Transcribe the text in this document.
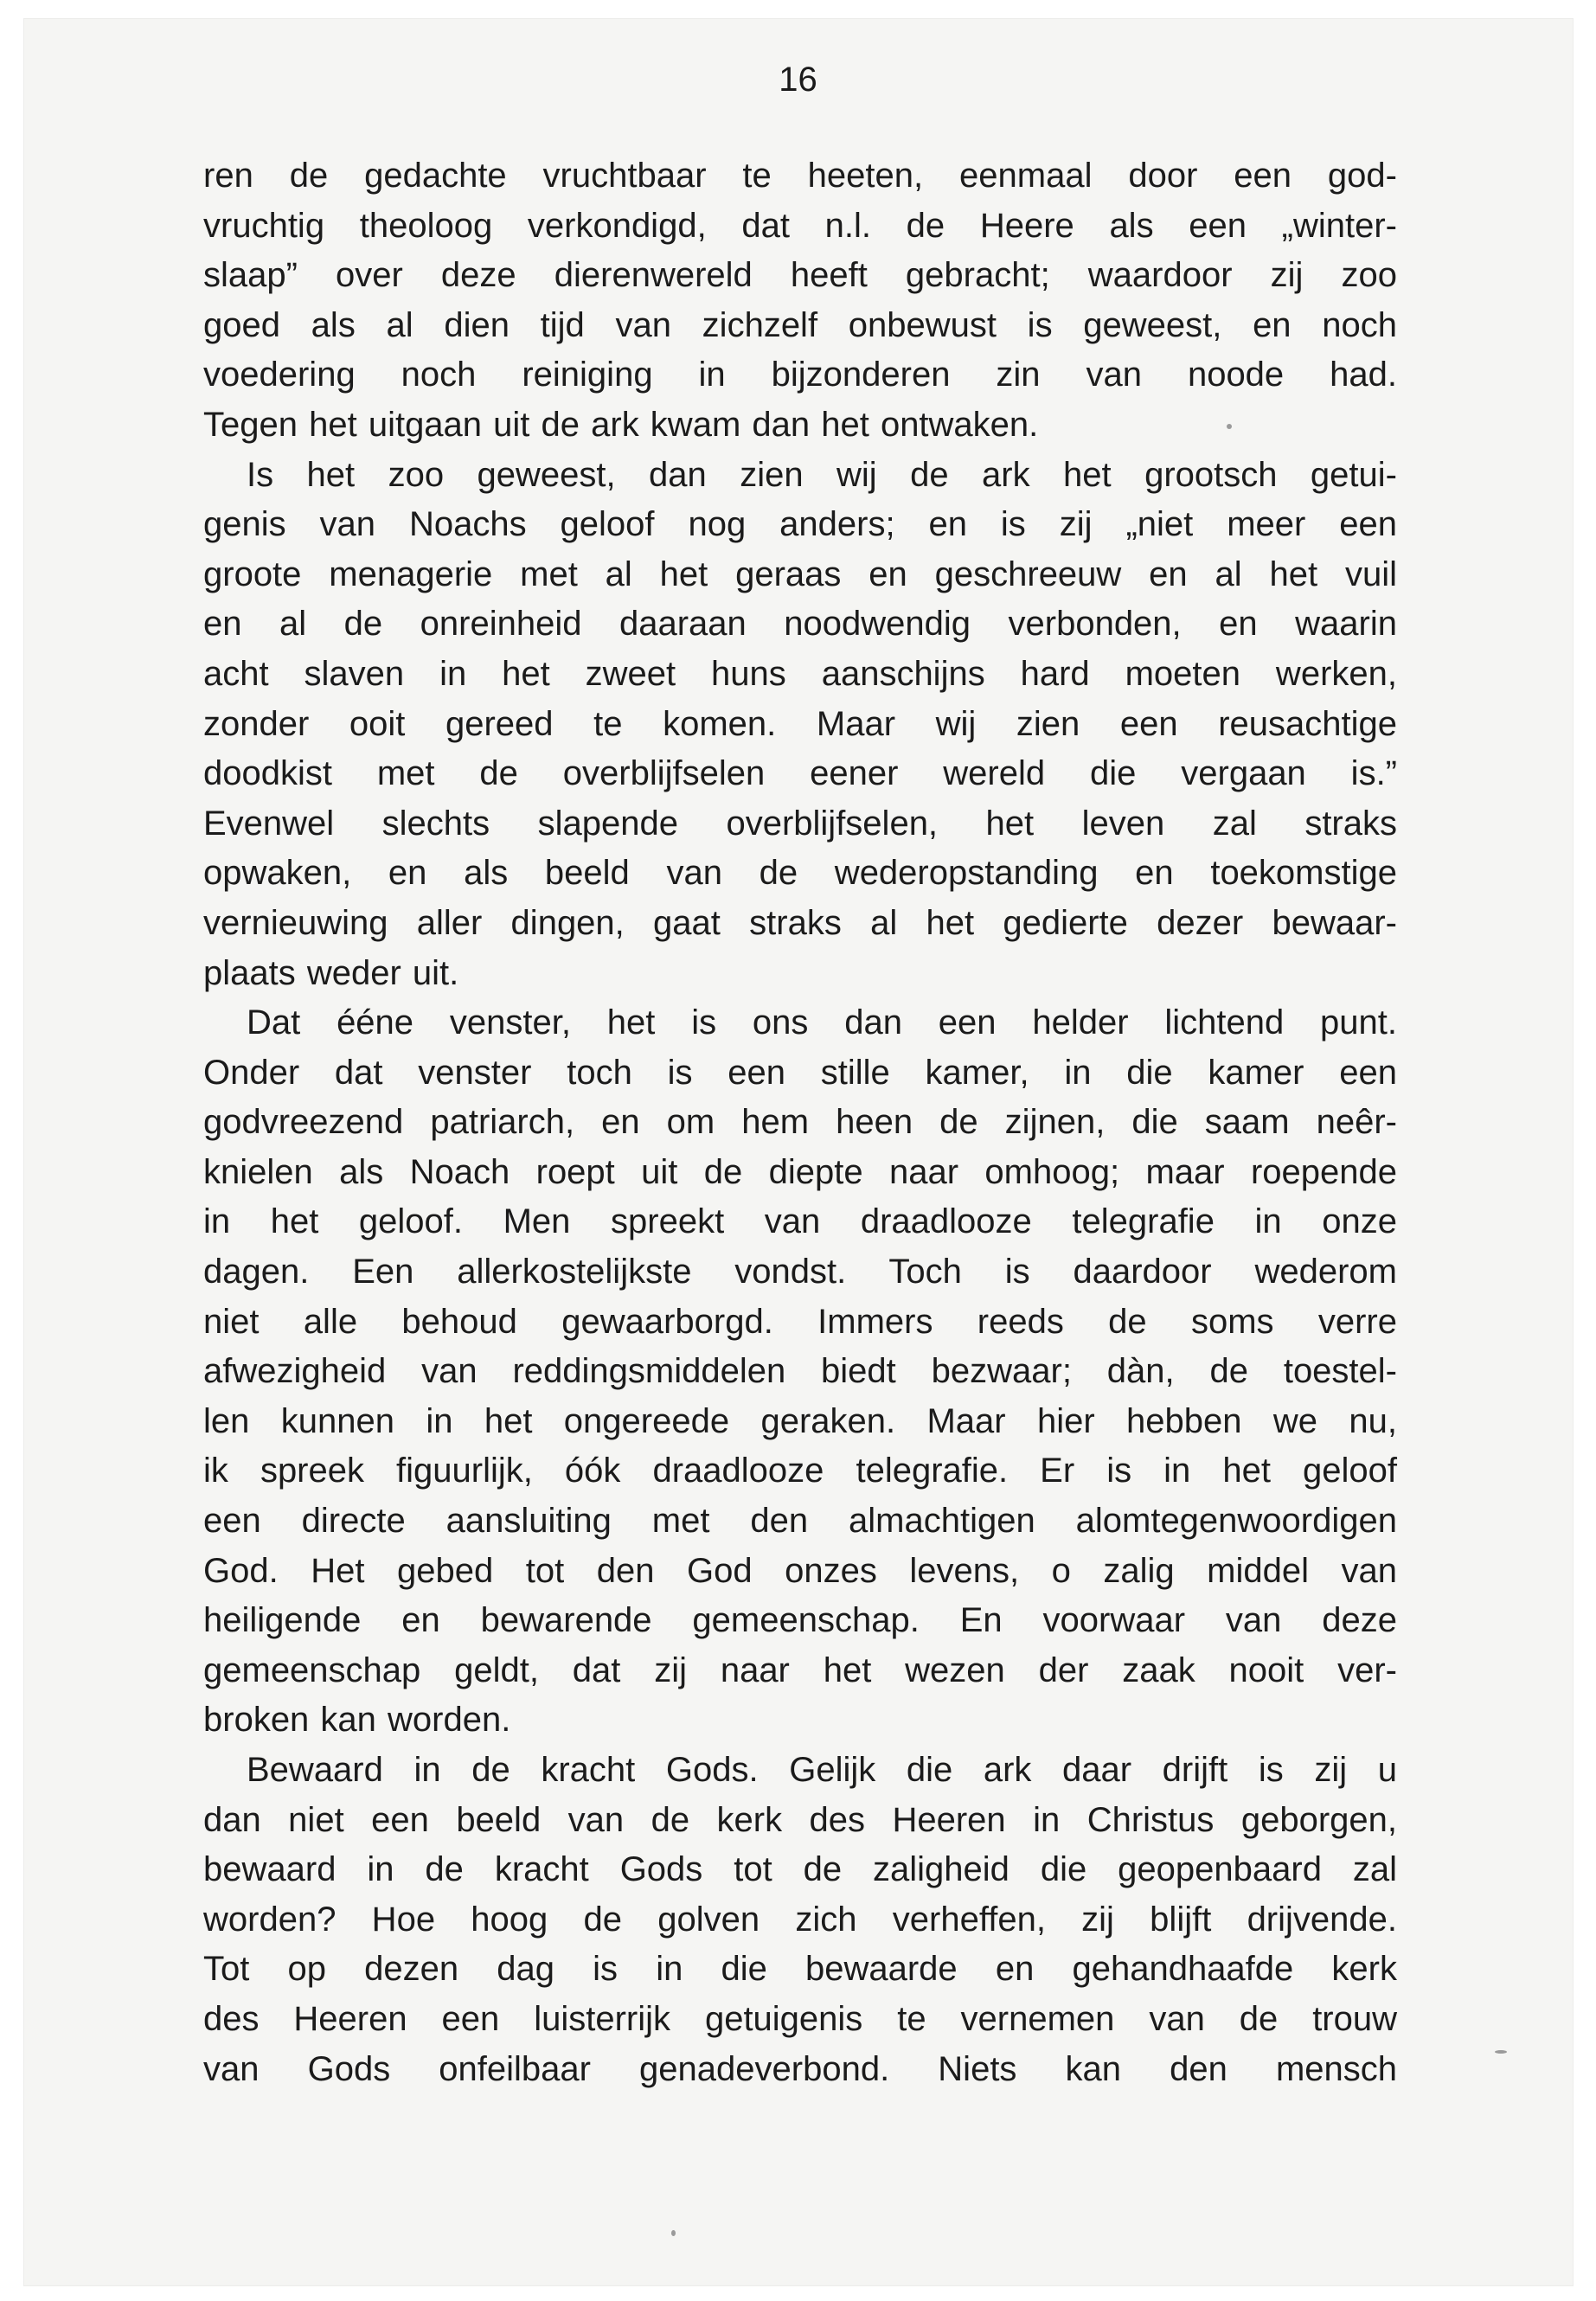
16
ren de gedachte vruchtbaar te heeten, eenmaal door een god-
vruchtig theoloog verkondigd, dat n.l. de Heere als een „winter-
slaap” over deze dierenwereld heeft gebracht; waardoor zij zoo
goed als al dien tijd van zichzelf onbewust is geweest, en noch
voedering noch reiniging in bijzonderen zin van noode had.
Tegen het uitgaan uit de ark kwam dan het ontwaken.
Is het zoo geweest, dan zien wij de ark het grootsch getui-
genis van Noachs geloof nog anders; en is zij „niet meer een
groote menagerie met al het geraas en geschreeuw en al het vuil
en al de onreinheid daaraan noodwendig verbonden, en waarin
acht slaven in het zweet huns aanschijns hard moeten werken,
zonder ooit gereed te komen. Maar wij zien een reusachtige
doodkist met de overblijfselen eener wereld die vergaan is.”
Evenwel slechts slapende overblijfselen, het leven zal straks
opwaken, en als beeld van de wederopstanding en toekomstige
vernieuwing aller dingen, gaat straks al het gedierte dezer bewaar-
plaats weder uit.
Dat ééne venster, het is ons dan een helder lichtend punt.
Onder dat venster toch is een stille kamer, in die kamer een
godvreezend patriarch, en om hem heen de zijnen, die saam neêr-
knielen als Noach roept uit de diepte naar omhoog; maar roepende
in het geloof. Men spreekt van draadlooze telegrafie in onze
dagen. Een allerkostelijkste vondst. Toch is daardoor wederom
niet alle behoud gewaarborgd. Immers reeds de soms verre
afwezigheid van reddingsmiddelen biedt bezwaar; dàn, de toestel-
len kunnen in het ongereede geraken. Maar hier hebben we nu,
ik spreek figuurlijk, óók draadlooze telegrafie. Er is in het geloof
een directe aansluiting met den almachtigen alomtegenwoordigen
God. Het gebed tot den God onzes levens, o zalig middel van
heiligende en bewarende gemeenschap. En voorwaar van deze
gemeenschap geldt, dat zij naar het wezen der zaak nooit ver-
broken kan worden.
Bewaard in de kracht Gods. Gelijk die ark daar drijft is zij u
dan niet een beeld van de kerk des Heeren in Christus geborgen,
bewaard in de kracht Gods tot de zaligheid die geopenbaard zal
worden? Hoe hoog de golven zich verheffen, zij blijft drijvende.
Tot op dezen dag is in die bewaarde en gehandhaafde kerk
des Heeren een luisterrijk getuigenis te vernemen van de trouw
van Gods onfeilbaar genadeverbond. Niets kan den mensch
